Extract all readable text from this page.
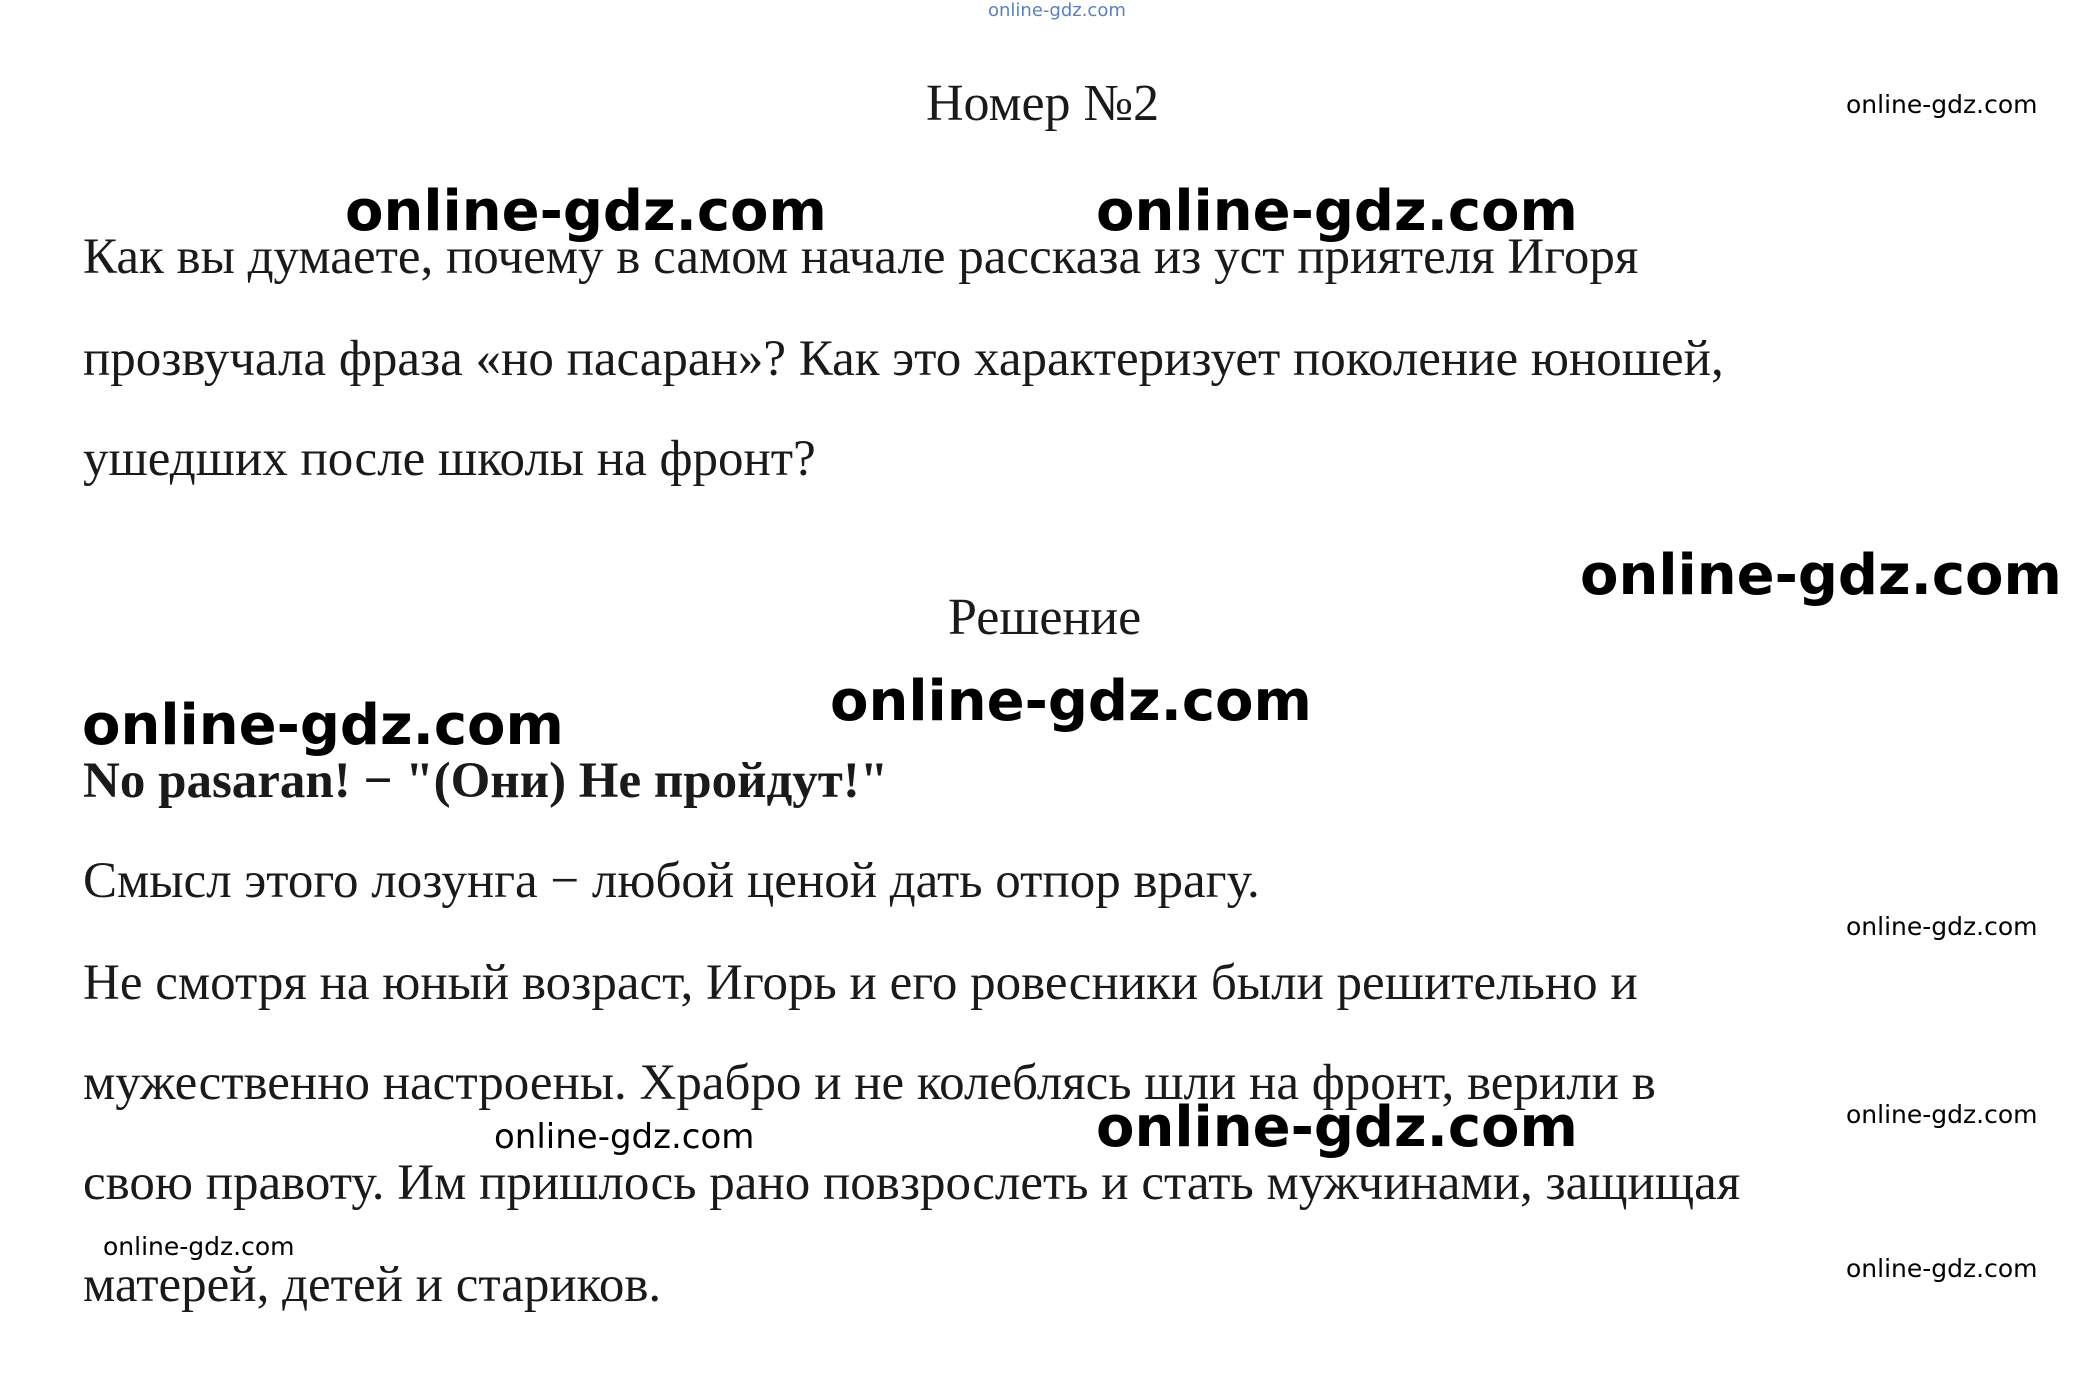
online-gdz.com
Номер №2	online-gdz.com
online-gdz.com	online-gdz.com

Как вы думаете, почему в самом начале рассказа из уст приятеля Игоря

прозвучала фраза «но пасаран»? Как это характеризует поколение юношей,

ушедших после школы на фронт?

online-gdz.com
Решение
online-gdz.com
online-gdz.com

No pasaran! − "(Они) Не пройдут!"

Смысл этого лозунга − любой ценой дать отпор врагу.

online-gdz.com

Не смотря на юный возраст, Игорь и его ровесники были решительно и

мужественно настроены. Храбро и не колеблясь шли на фронт, верили в

online-gdz.com
online-gdz.com	online-gdz.com

свою правоту. Им пришлось рано повзрослеть и стать мужчинами, защищая

online-gdz.com
online-gdz.com

матерей, детей и стариков.
